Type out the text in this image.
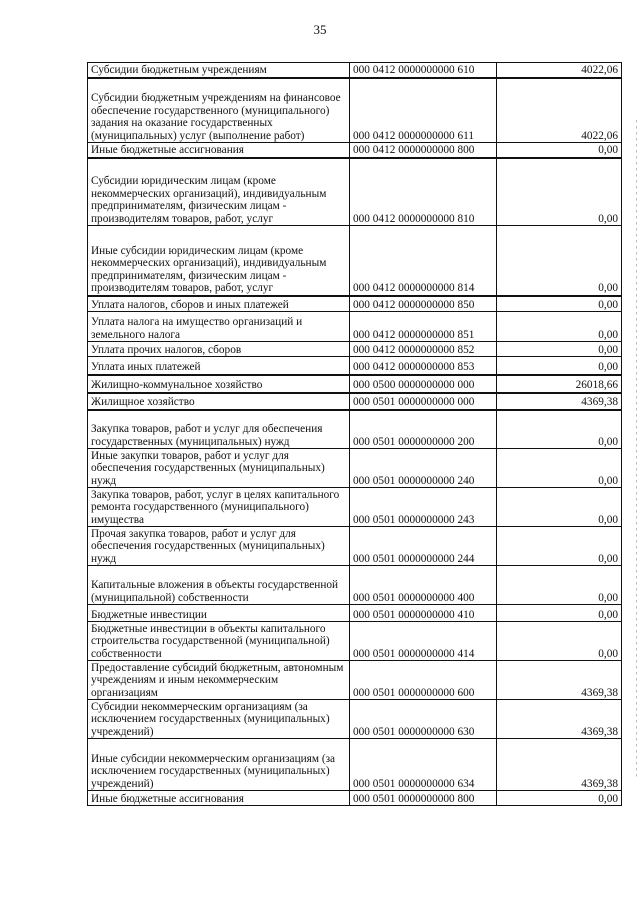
35
Субсидии бюджетным учреждениям	000 0412 0000000000 610	4022,06
Субсидии бюджетным учреждениям на финансовое обеспечение государственного (муниципального) задания на оказание государственных (муниципальных) услуг (выполнение работ)	000 0412 0000000000 611	4022,06
Иные бюджетные ассигнования	000 0412 0000000000 800	0,00
Субсидии юридическим лицам (кроме некоммерческих организаций), индивидуальным предпринимателям, физическим лицам - производителям товаров, работ, услуг	000 0412 0000000000 810	0,00
Иные субсидии юридическим лицам (кроме некоммерческих организаций), индивидуальным предпринимателям, физическим лицам - производителям товаров, работ, услуг	000 0412 0000000000 814	0,00
Уплата налогов, сборов и иных платежей	000 0412 0000000000 850	0,00
Уплата налога на имущество организаций и земельного налога	000 0412 0000000000 851	0,00
Уплата прочих налогов, сборов	000 0412 0000000000 852	0,00
Уплата иных платежей	000 0412 0000000000 853	0,00
Жилищно-коммунальное хозяйство	000 0500 0000000000 000	26018,66
Жилищное хозяйство	000 0501 0000000000 000	4369,38
Закупка товаров, работ и услуг для обеспечения государственных (муниципальных) нужд	000 0501 0000000000 200	0,00
Иные закупки товаров, работ и услуг для обеспечения государственных (муниципальных) нужд	000 0501 0000000000 240	0,00
Закупка товаров, работ, услуг в целях капитального ремонта государственного (муниципального) имущества	000 0501 0000000000 243	0,00
Прочая закупка товаров, работ и услуг для обеспечения государственных (муниципальных) нужд	000 0501 0000000000 244	0,00
Капитальные вложения в объекты государственной (муниципальной) собственности	000 0501 0000000000 400	0,00
Бюджетные инвестиции	000 0501 0000000000 410	0,00
Бюджетные инвестиции в объекты капитального строительства государственной (муниципальной) собственности	000 0501 0000000000 414	0,00
Предоставление субсидий бюджетным, автономным учреждениям и иным некоммерческим организациям	000 0501 0000000000 600	4369,38
Субсидии некоммерческим организациям (за исключением государственных (муниципальных) учреждений)	000 0501 0000000000 630	4369,38
Иные субсидии некоммерческим организациям (за исключением государственных (муниципальных) учреждений)	000 0501 0000000000 634	4369,38
Иные бюджетные ассигнования	000 0501 0000000000 800	0,00
